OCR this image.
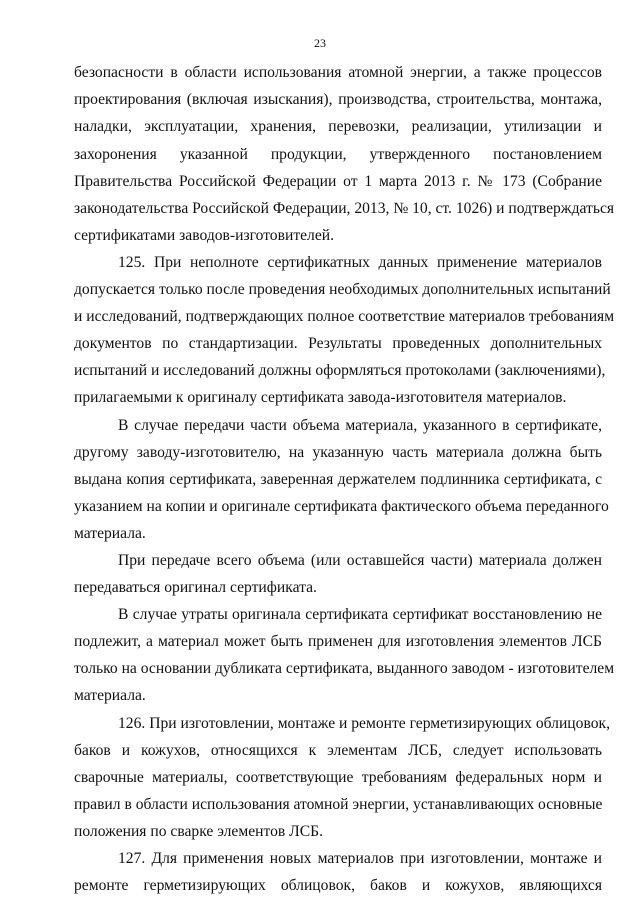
23
безопасности в области использования атомной энергии, а также процессов
проектирования (включая изыскания), производства, строительства, монтажа,
наладки, эксплуатации, хранения, перевозки, реализации, утилизации и
захоронения указанной продукции, утвержденного постановлением
Правительства Российской Федерации от 1 марта 2013 г. № 173 (Собрание
законодательства Российской Федерации, 2013, № 10, ст. 1026) и подтверждаться
сертификатами заводов-изготовителей.
125. При неполноте сертификатных данных применение материалов
допускается только после проведения необходимых дополнительных испытаний
и исследований, подтверждающих полное соответствие материалов требованиям
документов по стандартизации. Результаты проведенных дополнительных
испытаний и исследований должны оформляться протоколами (заключениями),
прилагаемыми к оригиналу сертификата завода-изготовителя материалов.
В случае передачи части объема материала, указанного в сертификате,
другому заводу-изготовителю, на указанную часть материала должна быть
выдана копия сертификата, заверенная держателем подлинника сертификата, с
указанием на копии и оригинале сертификата фактического объема переданного
материала.
При передаче всего объема (или оставшейся части) материала должен
передаваться оригинал сертификата.
В случае утраты оригинала сертификата сертификат восстановлению не
подлежит, а материал может быть применен для изготовления элементов ЛСБ
только на основании дубликата сертификата, выданного заводом - изготовителем
материала.
126. При изготовлении, монтаже и ремонте герметизирующих облицовок,
баков и кожухов, относящихся к элементам ЛСБ, следует использовать
сварочные материалы, соответствующие требованиям федеральных норм и
правил в области использования атомной энергии, устанавливающих основные
положения по сварке элементов ЛСБ.
127. Для применения новых материалов при изготовлении, монтаже и
ремонте герметизирующих облицовок, баков и кожухов, являющихся
